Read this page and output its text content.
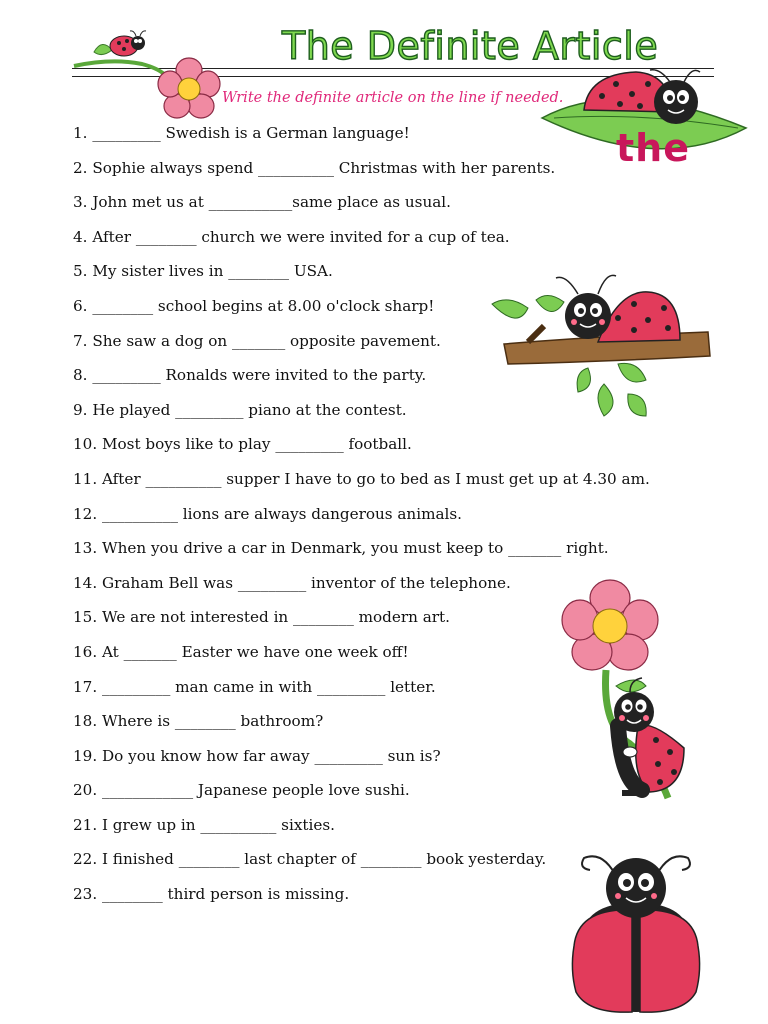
The Definite Article
Write the definite article on the line if needed.
the
1. _________ Swedish is a German language!
2. Sophie always spend __________ Christmas with her parents.
3. John met us at ___________same place as usual.
4. After ________ church we were invited for a cup of tea.
5. My sister lives in ________ USA.
6. ________ school begins at 8.00 o'clock sharp!
7. She saw a dog on _______ opposite pavement.
8. _________ Ronalds were invited to the party.
9. He played _________ piano at the contest.
10. Most boys like to play _________ football.
11. After __________ supper I have to go to bed as I must get up at 4.30 am.
12. __________ lions are always dangerous animals.
13. When you drive a car in Denmark, you must keep to _______ right.
14. Graham Bell was _________ inventor of the telephone.
15. We are not interested in ________ modern art.
16. At _______ Easter we have one week off!
17. _________ man came in with _________ letter.
18. Where is ________ bathroom?
19. Do you know how far away _________ sun is?
20. ____________ Japanese people love sushi.
21. I grew up in __________ sixties.
22. I finished ________ last chapter of ________ book yesterday.
23. ________ third person is missing.
